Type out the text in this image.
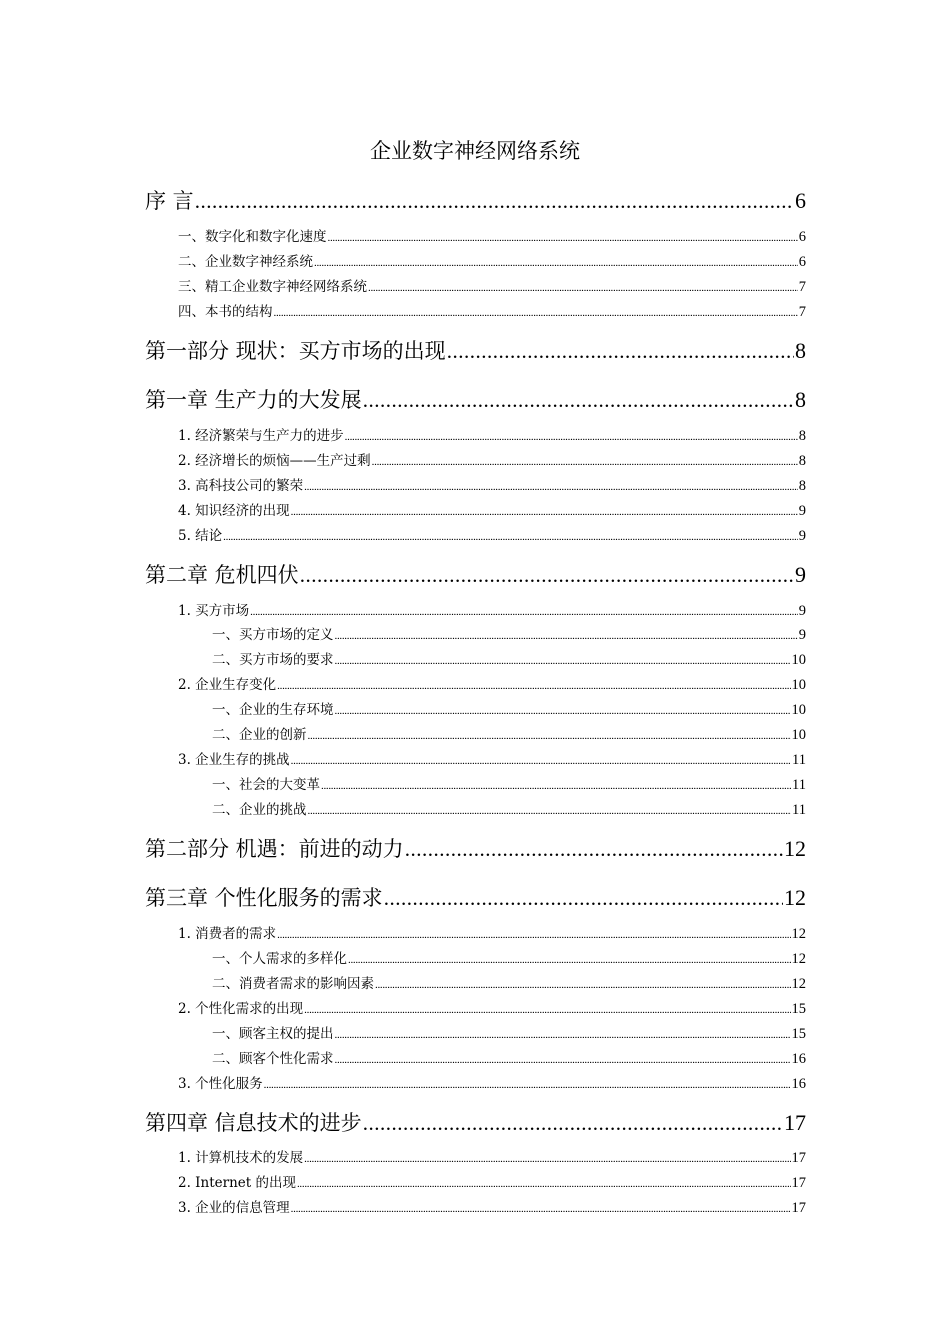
企业数字神经网络系统
序 言 .....	6
一、数字化和数字化速度 .....	6
二、企业数字神经系统 .....	6
三、精工企业数字神经网络系统 .....	7
四、本书的结构 .....	7
第一部分 现状：买方市场的出现 .....	8
第一章 生产力的大发展 .....	8
1. 经济繁荣与生产力的进步 .....	8
2. 经济增长的烦恼——生产过剩 .....	8
3. 高科技公司的繁荣 .....	8
4. 知识经济的出现 .....	9
5. 结论 .....	9
第二章 危机四伏 .....	9
1. 买方市场 .....	9
一、买方市场的定义 .....	9
二、买方市场的要求 .....	10
2. 企业生存变化 .....	10
一、企业的生存环境 .....	10
二、企业的创新 .....	10
3. 企业生存的挑战 .....	11
一、社会的大变革 .....	11
二、企业的挑战 .....	11
第二部分 机遇：前进的动力 .....	12
第三章 个性化服务的需求 .....	12
1. 消费者的需求 .....	12
一、个人需求的多样化 .....	12
二、消费者需求的影响因素 .....	12
2. 个性化需求的出现 .....	15
一、顾客主权的提出 .....	15
二、顾客个性化需求 .....	16
3. 个性化服务 .....	16
第四章 信息技术的进步 .....	17
1. 计算机技术的发展 .....	17
2. Internet 的出现 .....	17
3. 企业的信息管理 .....	17
